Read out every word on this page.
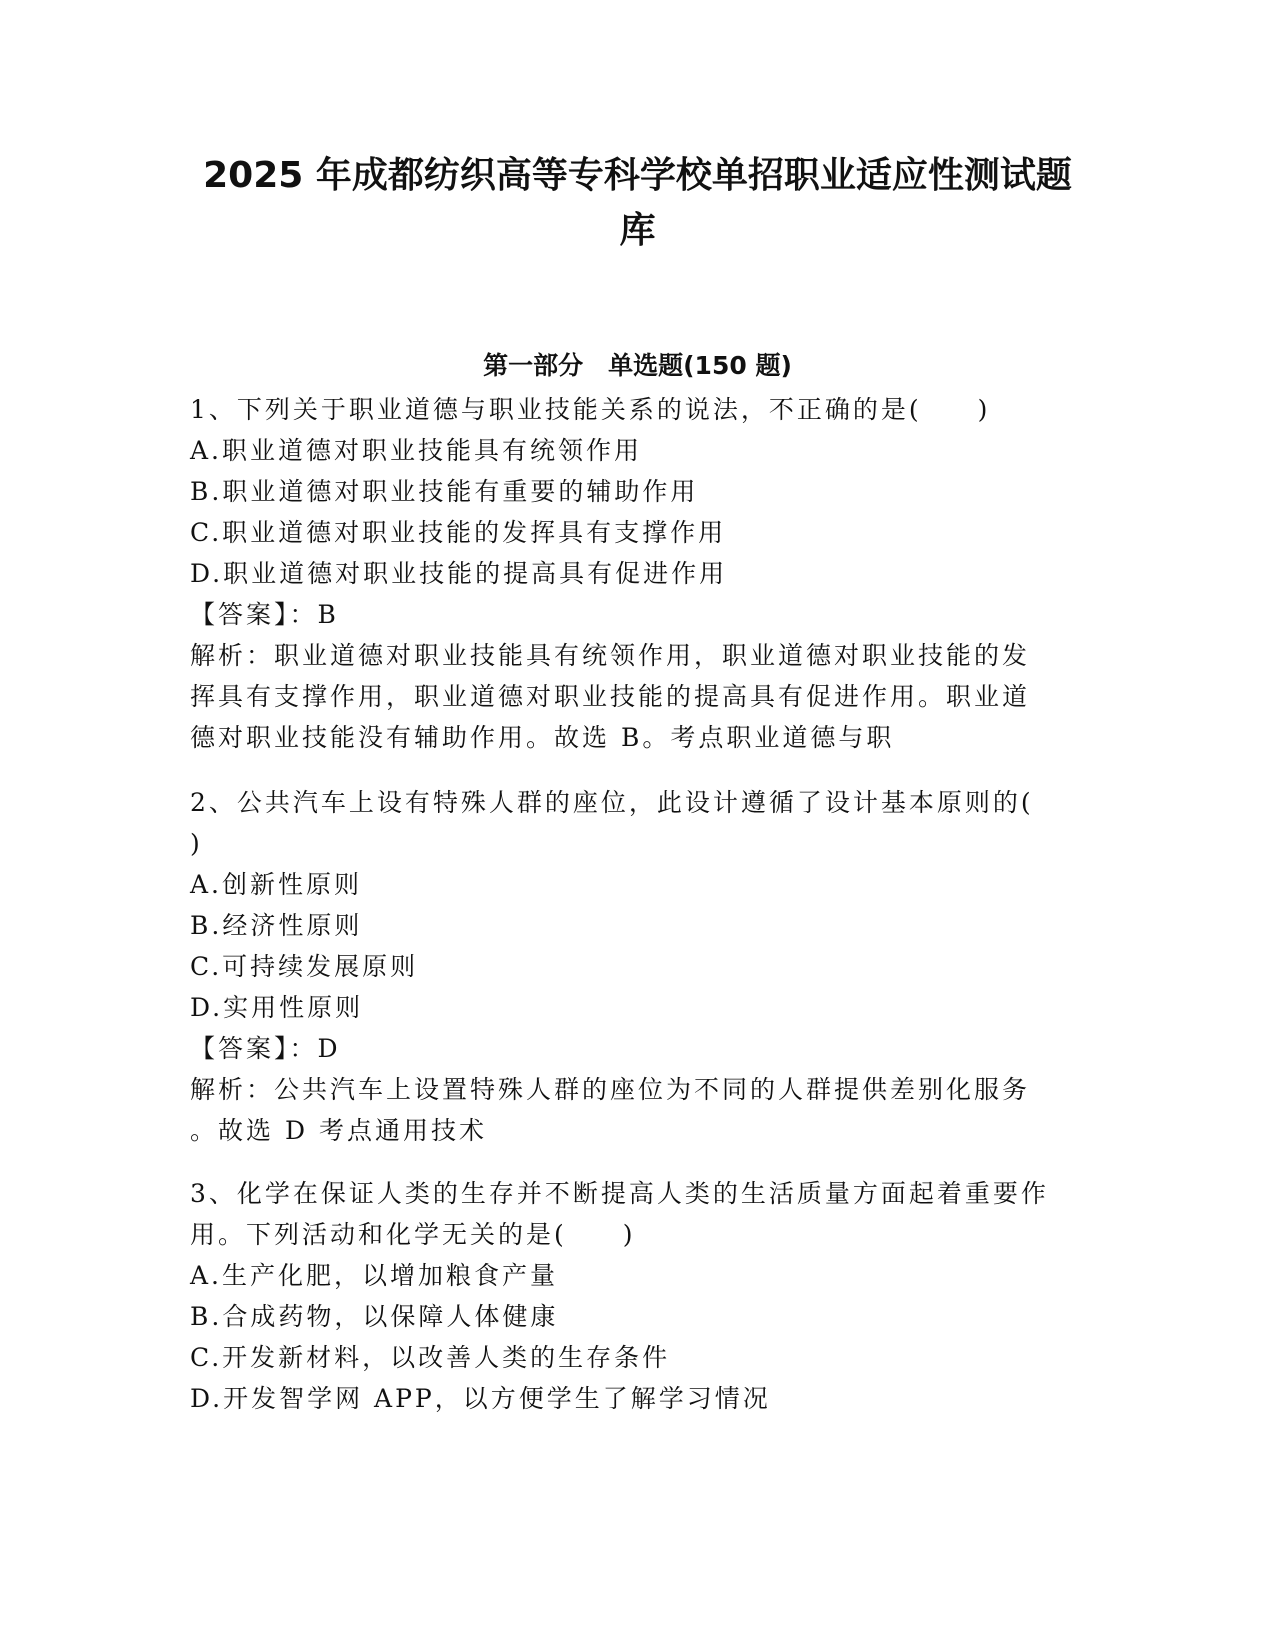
2025 年成都纺织高等专科学校单招职业适应性测试题
库
第一部分　单选题(150 题)
1、下列关于职业道德与职业技能关系的说法，不正确的是(　　)
A.职业道德对职业技能具有统领作用
B.职业道德对职业技能有重要的辅助作用
C.职业道德对职业技能的发挥具有支撑作用
D.职业道德对职业技能的提高具有促进作用
【答案】：B
解析：职业道德对职业技能具有统领作用，职业道德对职业技能的发
挥具有支撑作用，职业道德对职业技能的提高具有促进作用。职业道
德对职业技能没有辅助作用。故选 B。考点职业道德与职
2、公共汽车上设有特殊人群的座位，此设计遵循了设计基本原则的(
)
A.创新性原则
B.经济性原则
C.可持续发展原则
D.实用性原则
【答案】：D
解析：公共汽车上设置特殊人群的座位为不同的人群提供差别化服务
。故选 D 考点通用技术
3、化学在保证人类的生存并不断提高人类的生活质量方面起着重要作
用。下列活动和化学无关的是(　　)
A.生产化肥，以增加粮食产量
B.合成药物，以保障人体健康
C.开发新材料，以改善人类的生存条件
D.开发智学网 APP，以方便学生了解学习情况
